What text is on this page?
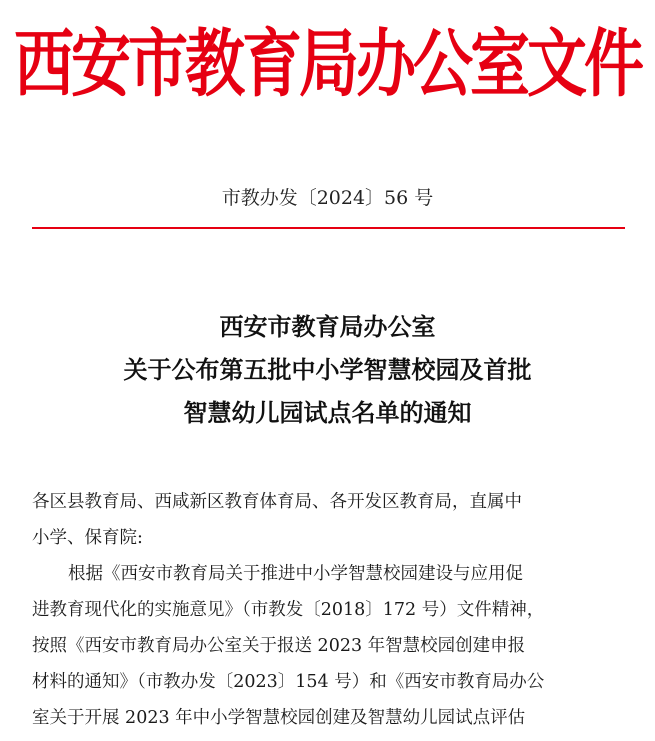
西安市教育局办公室文件
市教办发〔2024〕56 号
西安市教育局办公室
关于公布第五批中小学智慧校园及首批
智慧幼儿园试点名单的通知
各区县教育局、西咸新区教育体育局、各开发区教育局，直属中
小学、保育院:
根据《西安市教育局关于推进中小学智慧校园建设与应用促
进教育现代化的实施意见》（市教发〔2018〕172 号）文件精神，
按照《西安市教育局办公室关于报送 2023 年智慧校园创建申报
材料的通知》（市教办发〔2023〕154 号）和《西安市教育局办公
室关于开展 2023 年中小学智慧校园创建及智慧幼儿园试点评估
